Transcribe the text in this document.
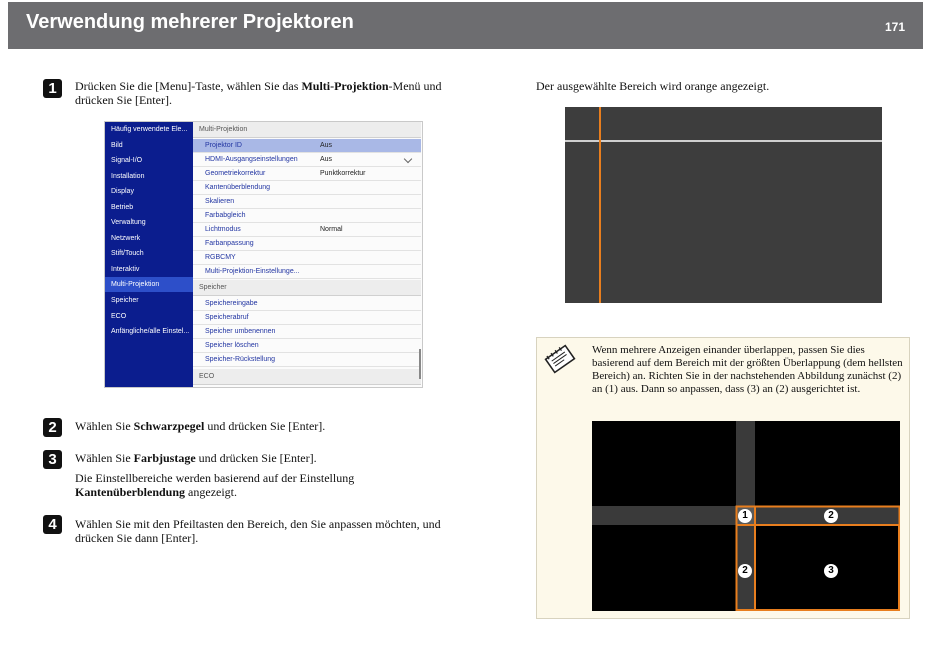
Verwendung mehrerer Projektoren	171
1	Drücken Sie die [Menu]-Taste, wählen Sie das Multi-Projektion-Menü und drücken Sie [Enter].
Häufig verwendete Ele...
Bild
Signal-I/O
Installation
Display
Betrieb
Verwaltung
Netzwerk
Stift/Touch
Interaktiv
Multi-Projektion
Speicher
ECO
Anfängliche/alle Einstel...
Multi-Projektion
Projektor ID	Aus
HDMI-Ausgangseinstellungen	Aus
Geometriekorrektur	Punktkorrektur
Kantenüberblendung
Skalieren
Farbabgleich
Lichtmodus	Normal
Farbanpassung
RGBCMY
Multi-Projektion-Einstellunge...
Speicher
Speichereingabe
Speicherabruf
Speicher umbenennen
Speicher löschen
Speicher-Rückstellung
ECO
2	Wählen Sie Schwarzpegel und drücken Sie [Enter].
3	Wählen Sie Farbjustage und drücken Sie [Enter].
Die Einstellbereiche werden basierend auf der Einstellung Kantenüberblendung angezeigt.
4	Wählen Sie mit den Pfeiltasten den Bereich, den Sie anpassen möchten, und drücken Sie dann [Enter].
Der ausgewählte Bereich wird orange angezeigt.
Wenn mehrere Anzeigen einander überlappen, passen Sie dies basierend auf dem Bereich mit der größten Überlappung (dem hellsten Bereich) an. Richten Sie in der nachstehenden Abbildung zunächst (2) an (1) aus. Dann so anpassen, dass (3) an (2) ausgerichtet ist.
1	2
2	3
